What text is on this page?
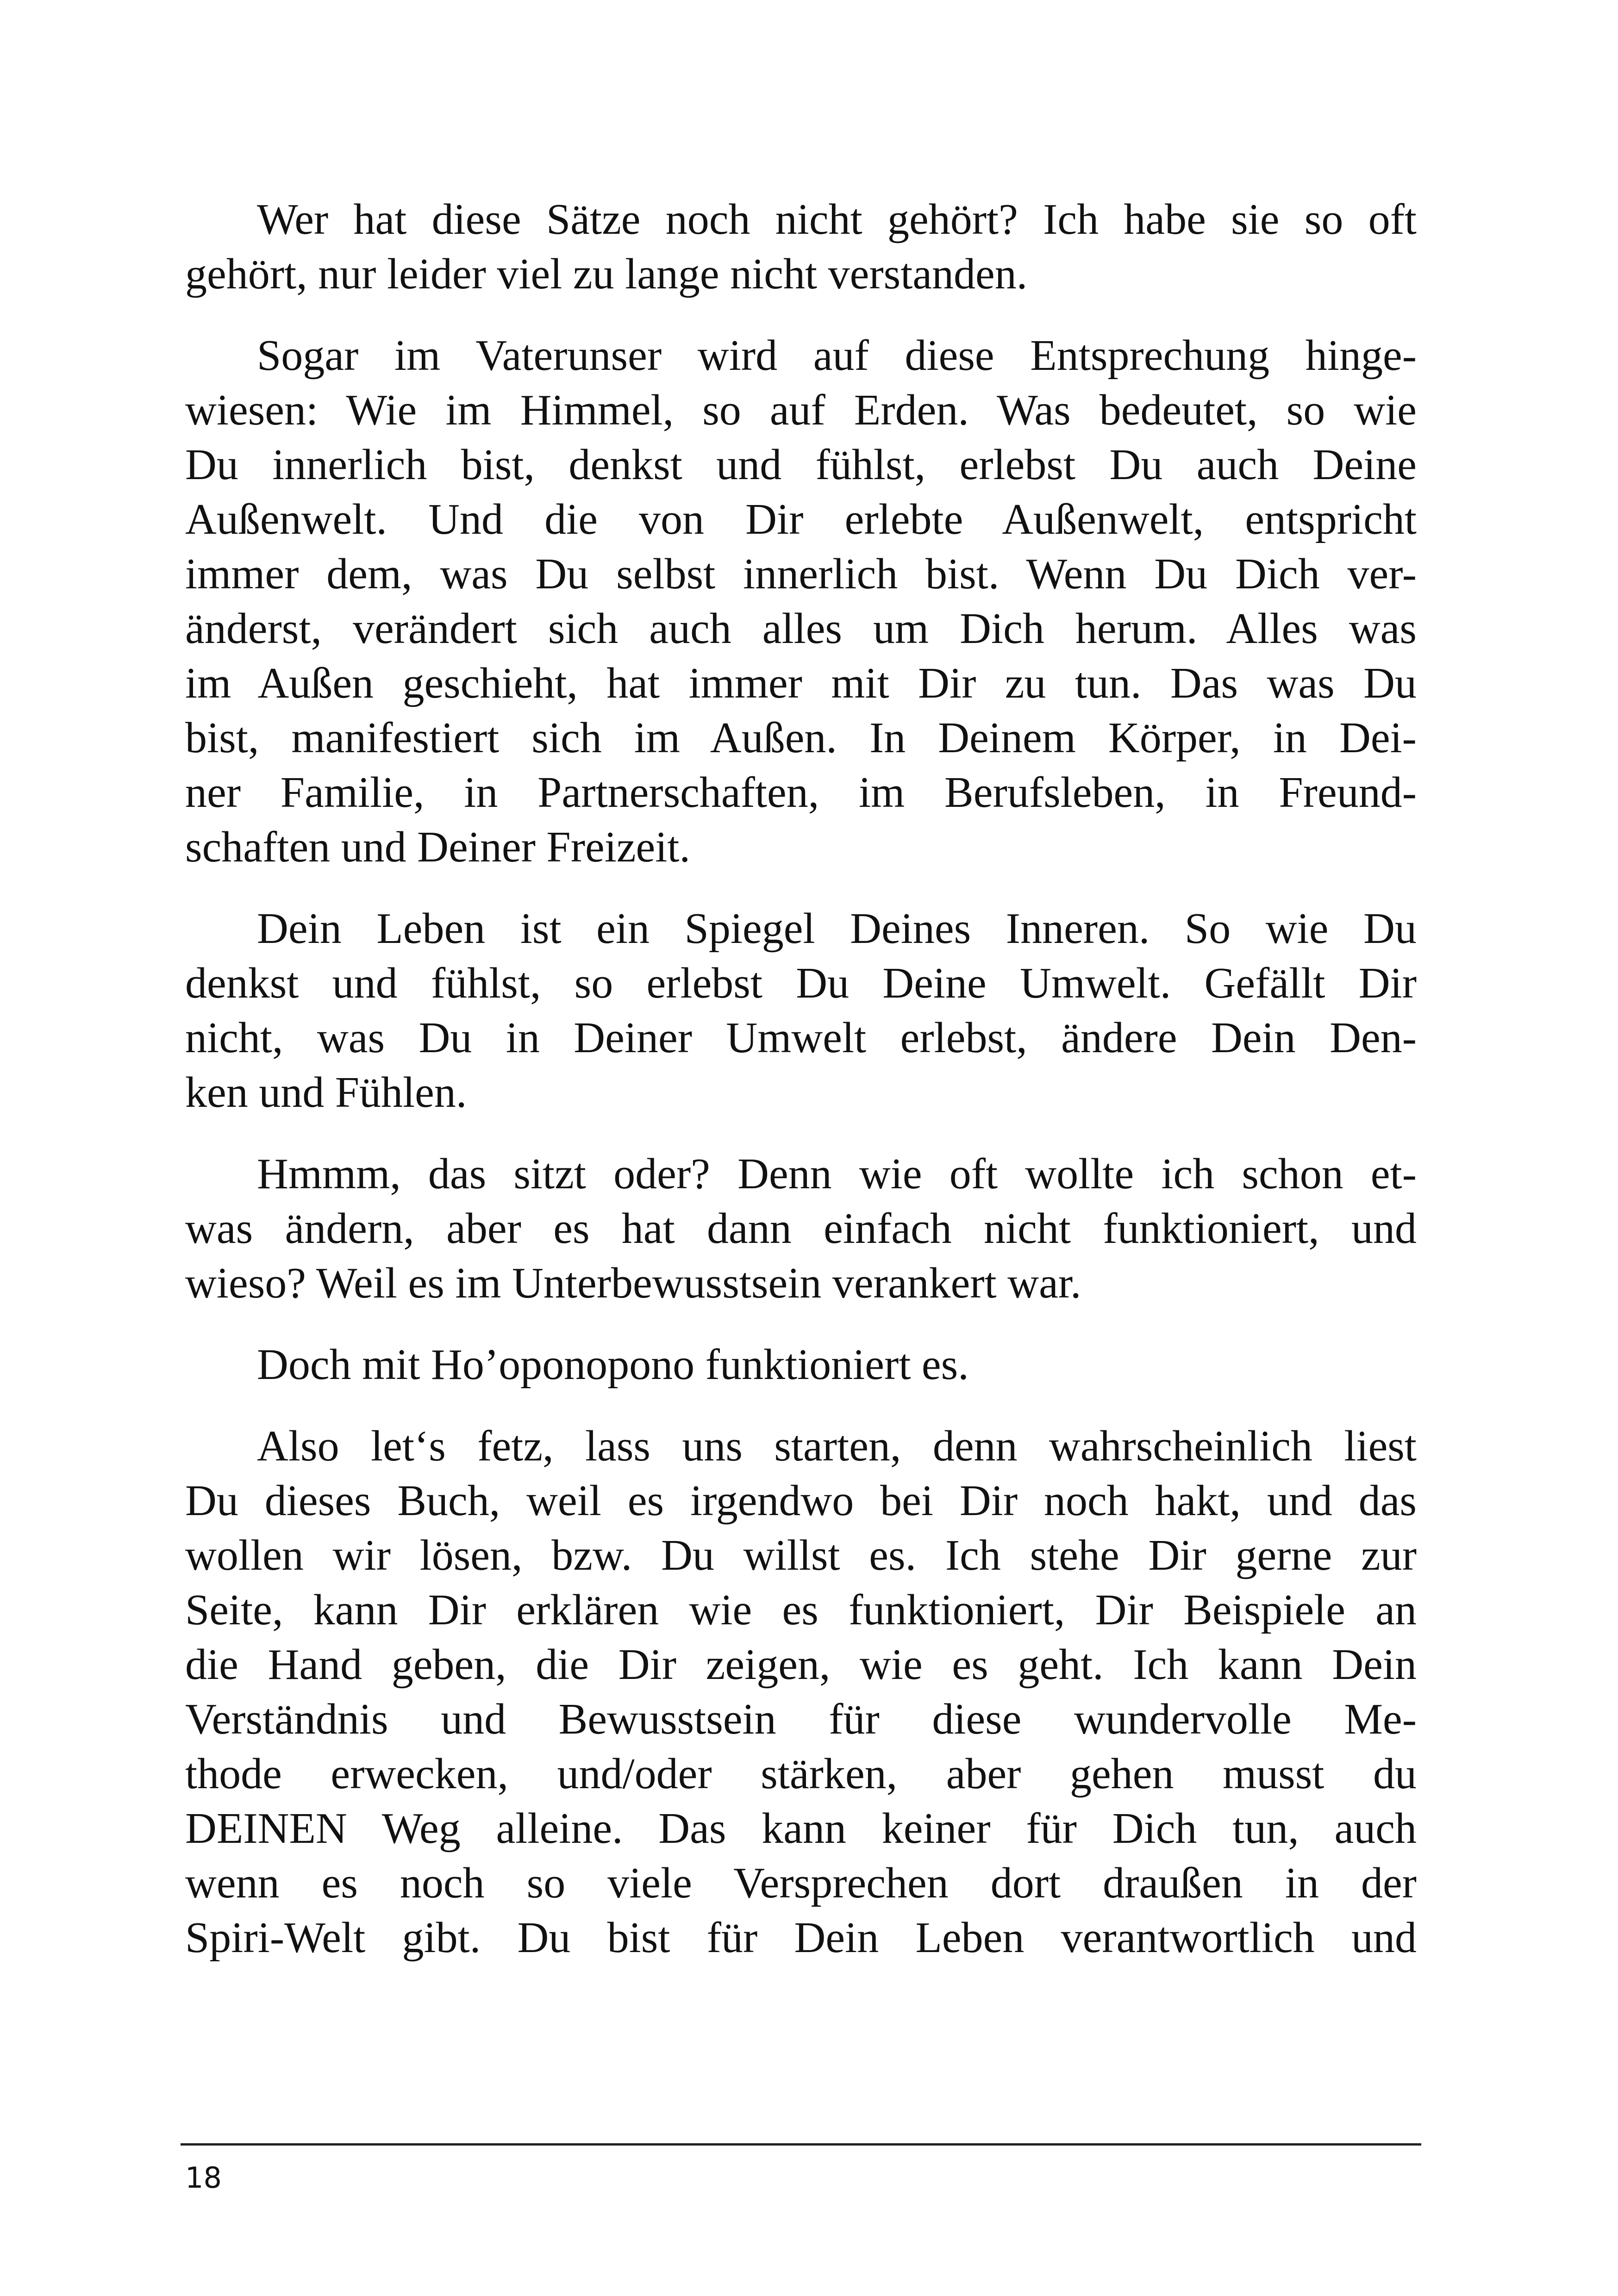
Wer hat diese Sätze noch nicht gehört? Ich habe sie so oft
gehört, nur leider viel zu lange nicht verstanden.

Sogar im Vaterunser wird auf diese Entsprechung hinge-
wiesen: Wie im Himmel, so auf Erden. Was bedeutet, so wie
Du innerlich bist, denkst und fühlst, erlebst Du auch Deine
Außenwelt. Und die von Dir erlebte Außenwelt, entspricht
immer dem, was Du selbst innerlich bist. Wenn Du Dich ver-
änderst, verändert sich auch alles um Dich herum. Alles was
im Außen geschieht, hat immer mit Dir zu tun. Das was Du
bist, manifestiert sich im Außen. In Deinem Körper, in Dei-
ner Familie, in Partnerschaften, im Berufsleben, in Freund-
schaften und Deiner Freizeit.

Dein Leben ist ein Spiegel Deines Inneren. So wie Du
denkst und fühlst, so erlebst Du Deine Umwelt. Gefällt Dir
nicht, was Du in Deiner Umwelt erlebst, ändere Dein Den-
ken und Fühlen.

Hmmm, das sitzt oder? Denn wie oft wollte ich schon et-
was ändern, aber es hat dann einfach nicht funktioniert, und
wieso? Weil es im Unterbewusstsein verankert war.

Doch mit Ho’oponopono funktioniert es.

Also let‘s fetz, lass uns starten, denn wahrscheinlich liest
Du dieses Buch, weil es irgendwo bei Dir noch hakt, und das
wollen wir lösen, bzw. Du willst es. Ich stehe Dir gerne zur
Seite, kann Dir erklären wie es funktioniert, Dir Beispiele an
die Hand geben, die Dir zeigen, wie es geht. Ich kann Dein
Verständnis und Bewusstsein für diese wundervolle Me-
thode erwecken, und/oder stärken, aber gehen musst du
DEINEN Weg alleine. Das kann keiner für Dich tun, auch
wenn es noch so viele Versprechen dort draußen in der
Spiri-Welt gibt. Du bist für Dein Leben verantwortlich und

18
